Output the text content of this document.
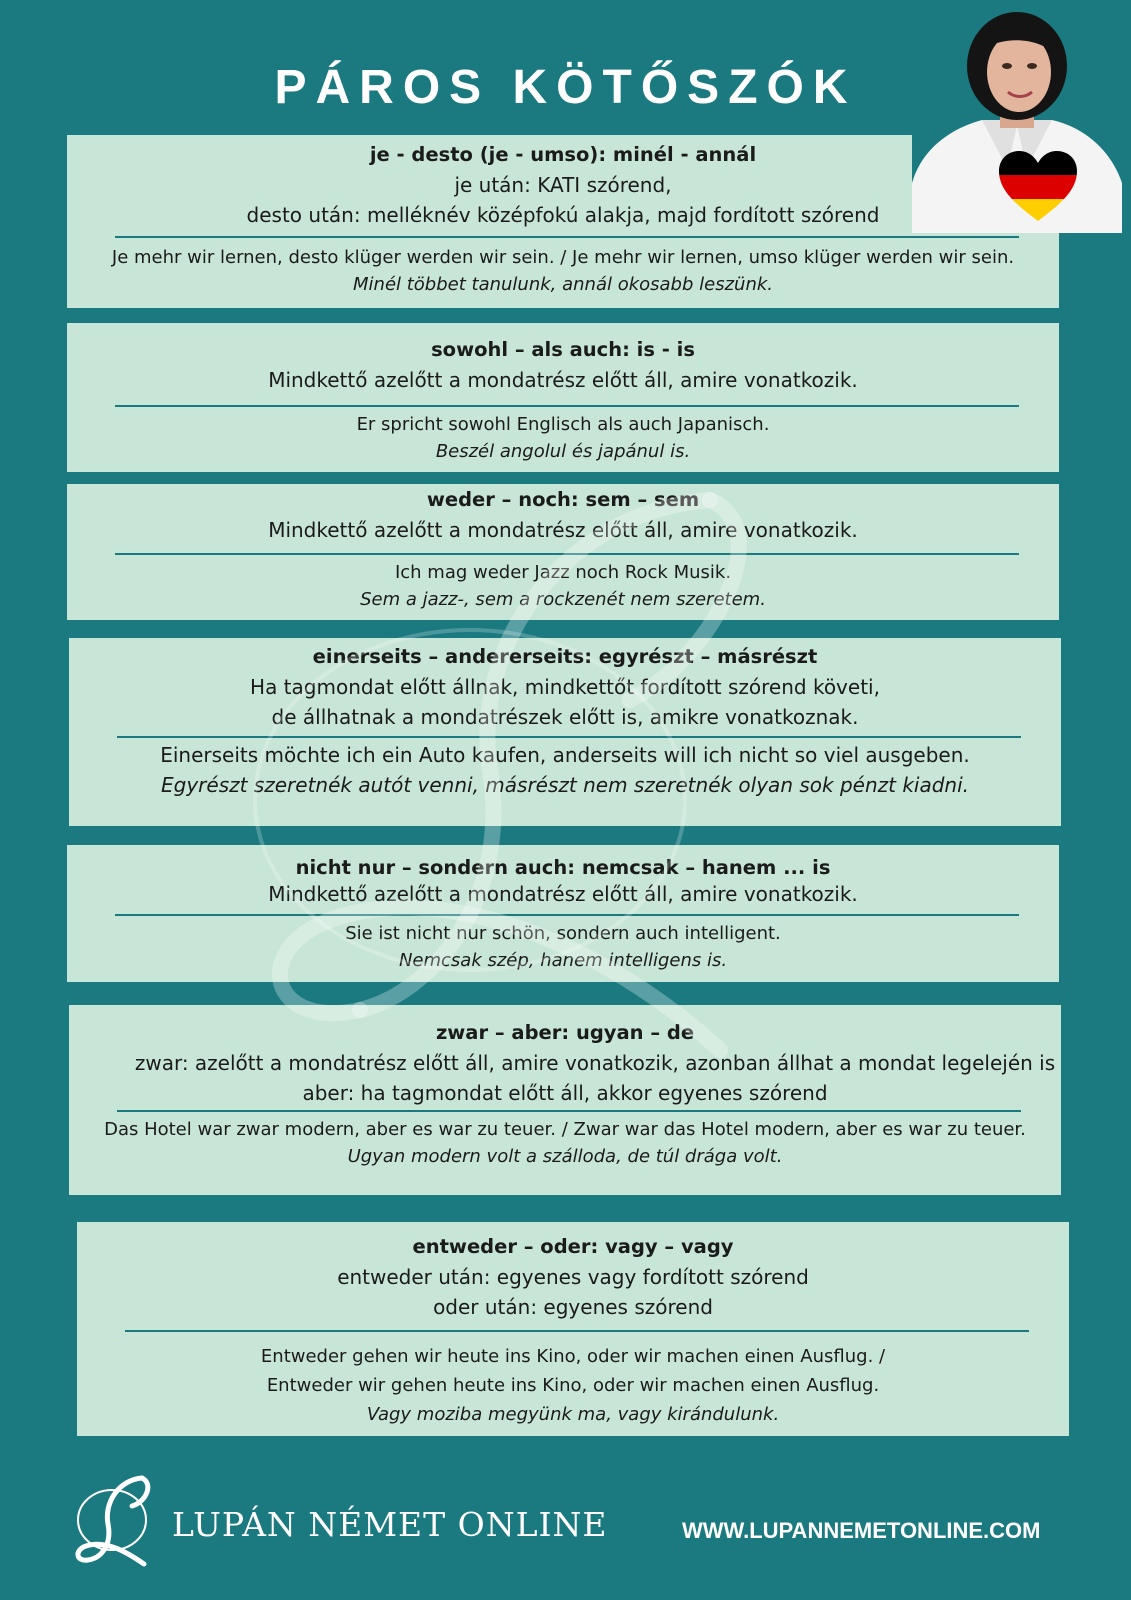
PÁROS KÖTŐSZÓK
je - desto (je - umso): minél - annál
je után: KATI szórend,
desto után: melléknév középfokú alakja, majd fordított szórend
Je mehr wir lernen, desto klüger werden wir sein. / Je mehr wir lernen, umso klüger werden wir sein.
Minél többet tanulunk, annál okosabb leszünk.
sowohl – als auch: is - is
Mindkettő azelőtt a mondatrész előtt áll, amire vonatkozik.
Er spricht sowohl Englisch als auch Japanisch.
Beszél angolul és japánul is.
weder – noch: sem – sem
Mindkettő azelőtt a mondatrész előtt áll, amire vonatkozik.
Ich mag weder Jazz noch Rock Musik.
Sem a jazz-, sem a rockzenét nem szeretem.
einerseits – andererseits: egyrészt – másrészt
Ha tagmondat előtt állnak, mindkettőt fordított szórend követi,
de állhatnak a mondatrészek előtt is, amikre vonatkoznak.
Einerseits möchte ich ein Auto kaufen, anderseits will ich nicht so viel ausgeben.
Egyrészt szeretnék autót venni, másrészt nem szeretnék olyan sok pénzt kiadni.
nicht nur – sondern auch: nemcsak – hanem ... is
Mindkettő azelőtt a mondatrész előtt áll, amire vonatkozik.
Sie ist nicht nur schön, sondern auch intelligent.
Nemcsak szép, hanem intelligens is.
zwar – aber: ugyan – de
zwar: azelőtt a mondatrész előtt áll, amire vonatkozik, azonban állhat a mondat legelején is
aber: ha tagmondat előtt áll, akkor egyenes szórend
Das Hotel war zwar modern, aber es war zu teuer. / Zwar war das Hotel modern, aber es war zu teuer.
Ugyan modern volt a szálloda, de túl drága volt.
entweder – oder: vagy – vagy
entweder után: egyenes vagy fordított szórend
oder után: egyenes szórend
Entweder gehen wir heute ins Kino, oder wir machen einen Ausflug. /
Entweder wir gehen heute ins Kino, oder wir machen einen Ausflug.
Vagy moziba megyünk ma, vagy kirándulunk.
LUPÁN NÉMET ONLINE	WWW.LUPANNEMETONLINE.COM
